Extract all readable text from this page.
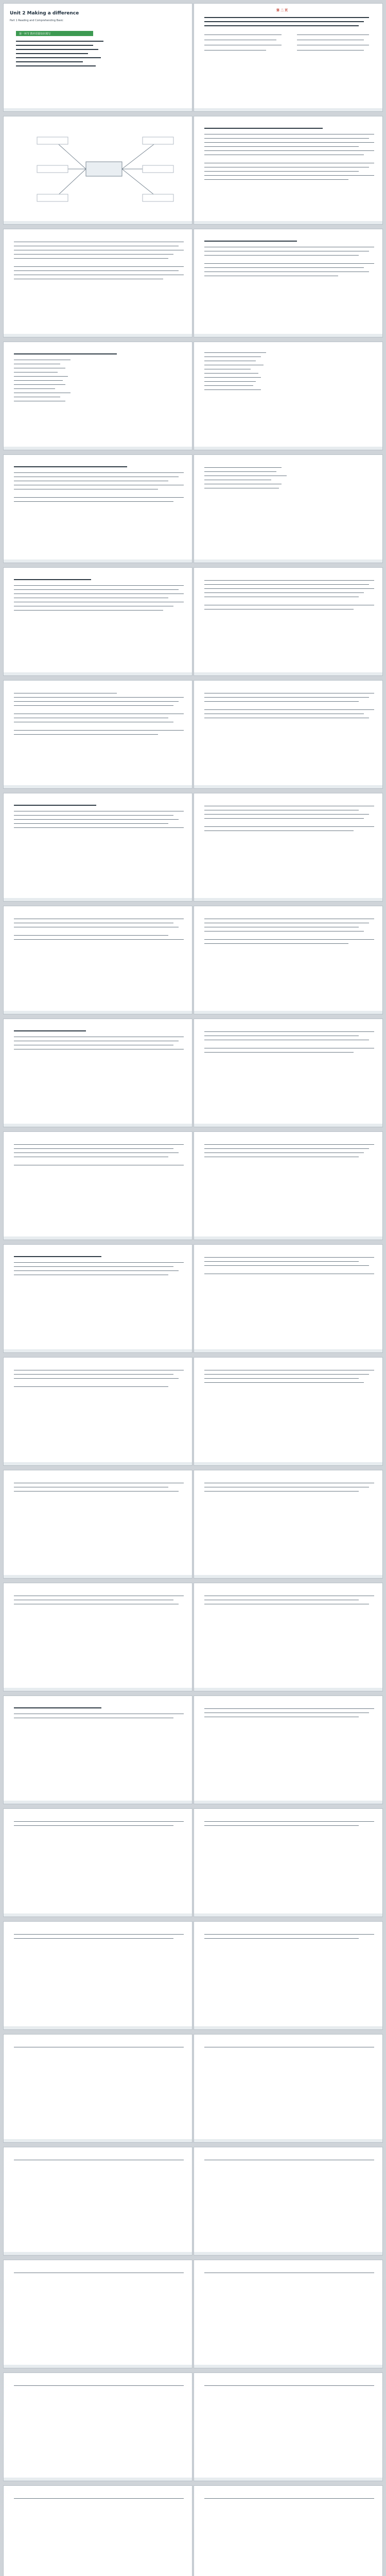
Unit 2 Making a difference
Part 1 Reading and Comprehending Basic
第一环节 教材语篇知识填写
第 二 页
